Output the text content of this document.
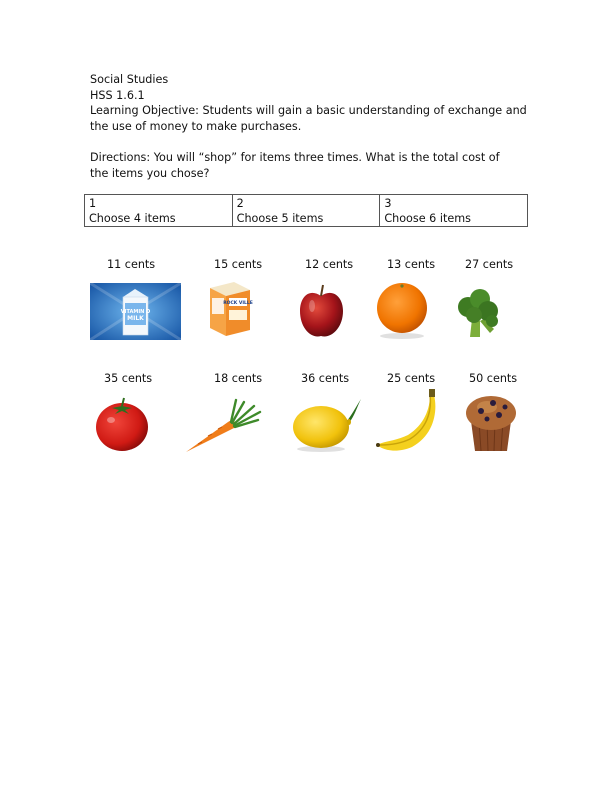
Social Studies

HSS 1.6.1

Learning Objective: Students will gain a basic understanding of exchange and

the use of money to make purchases.

Directions: You will “shop” for items three times. What is the total cost of

the items you chose?

1
Choose 4 items	
2
Choose 5 items	
3
Choose 6 items
11 cents	15 cents	12 cents	13 cents	27 cents
35 cents	18 cents	36 cents	25 cents	50 cents
VITAMIN D
MILK
ROCK VILLE
